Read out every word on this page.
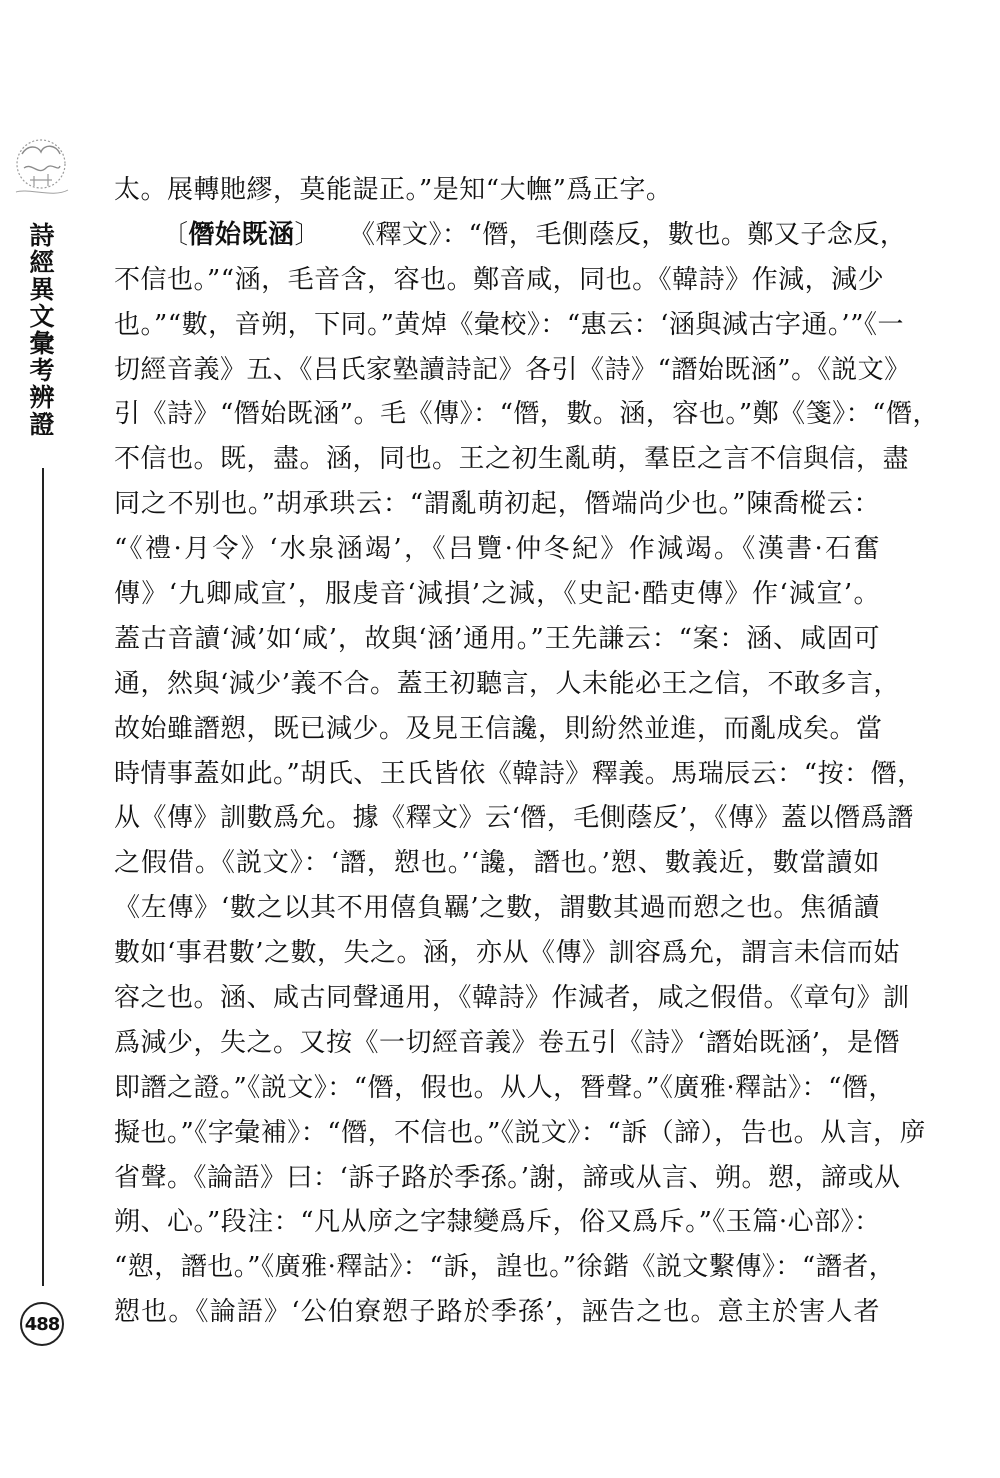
詩經異文彙考辨證
太。展轉貤繆，莫能諟正。”是知“大幠”爲正字。
〔僭始既涵〕 《釋文》：“僭，毛側蔭反，數也。鄭又子念反，
不信也。”“涵，毛音含，容也。鄭音咸，同也。《韓詩》作減，減少
也。”“數，音朔，下同。”黄焯《彙校》：“惠云：‘涵與減古字通。’”《一
切經音義》五、《吕氏家塾讀詩記》各引《詩》“譖始既涵”。《説文》
引《詩》“僭始既涵”。毛《傳》：“僭，數。涵，容也。”鄭《箋》：“僭，
不信也。既，盡。涵，同也。王之初生亂萌，羣臣之言不信與信，盡
同之不别也。”胡承珙云：“謂亂萌初起，僭端尚少也。”陳喬樅云：
“《禮·月令》‘水泉涵竭’，《吕覽·仲冬紀》作減竭。《漢書·石奮
傳》‘九卿咸宣’，服虔音‘減損’之減，《史記·酷吏傳》作‘減宣’。
蓋古音讀‘減’如‘咸’，故與‘涵’通用。”王先謙云：“案：涵、咸固可
通，然與‘減少’義不合。蓋王初聽言，人未能必王之信，不敢多言，
故始雖譖愬，既已減少。及見王信讒，則紛然並進，而亂成矣。當
時情事蓋如此。”胡氏、王氏皆依《韓詩》釋義。馬瑞辰云：“按：僭，
从《傳》訓數爲允。據《釋文》云‘僭，毛側蔭反’，《傳》蓋以僭爲譖
之假借。《説文》：‘譖，愬也。’‘讒，譖也。’愬、數義近，數當讀如
《左傳》‘數之以其不用僖負羈’之數，謂數其過而愬之也。焦循讀
數如‘事君數’之數，失之。涵，亦从《傳》訓容爲允，謂言未信而姑
容之也。涵、咸古同聲通用，《韓詩》作減者，咸之假借。《章句》訓
爲減少，失之。又按《一切經音義》卷五引《詩》‘譖始既涵’，是僭
即譖之證。”《説文》：“僭，假也。从人，朁聲。”《廣雅·釋詁》：“僭，
擬也。”《字彙補》：“僭，不信也。”《説文》：“訴（諦），告也。从言，㡿
省聲。《論語》曰：‘訴子路於季孫。’謝，諦或从言、朔。愬，諦或从
朔、心。”段注：“凡从㡿之字隸變爲斥，俗又爲斥。”《玉篇·心部》：
“愬，譖也。”《廣雅·釋詁》：“訴，諻也。”徐鍇《説文繫傳》：“譖者，
愬也。《論語》‘公伯寮愬子路於季孫’，誣告之也。意主於害人者
488
